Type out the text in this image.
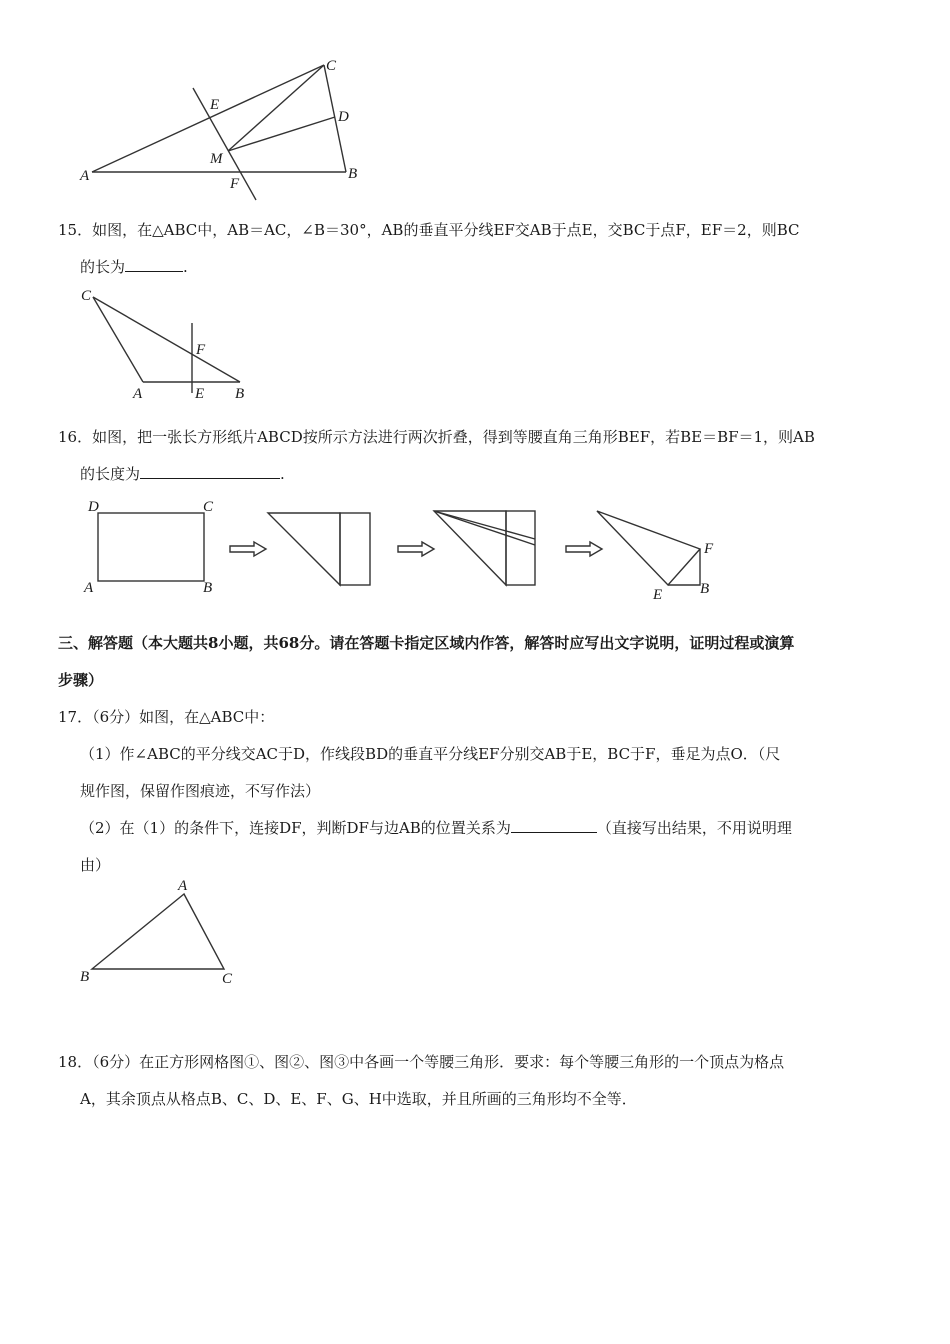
A	B
C
D
E
F
M
15．如图，在△ABC中，AB＝AC，∠B＝30°，AB的垂直平分线EF交AB于点E，交BC于点F，EF＝2，则BC
的长为	.
C
A	E B
F
16．如图，把一张长方形纸片ABCD按所示方法进行两次折叠，得到等腰直角三角形BEF，若BE＝BF＝1，则AB
的长度为	.
D	C
A	B
F
E	B
三、解答题（本大题共8小题，共68分。请在答题卡指定区域内作答，解答时应写出文字说明，证明过程或演算
步骤）
17．（6分）如图，在△ABC中：
（1）作∠ABC的平分线交AC于D，作线段BD的垂直平分线EF分别交AB于E，BC于F，垂足为点O．（尺
规作图，保留作图痕迹，不写作法）
（2）在（1）的条件下，连接DF，判断DF与边AB的位置关系为	（直接写出结果，不用说明理
由）
A
B	C
18．（6分）在正方形网格图①、图②、图③中各画一个等腰三角形．要求：每个等腰三角形的一个顶点为格点
A，其余顶点从格点B、C、D、E、F、G、H中选取，并且所画的三角形均不全等．
